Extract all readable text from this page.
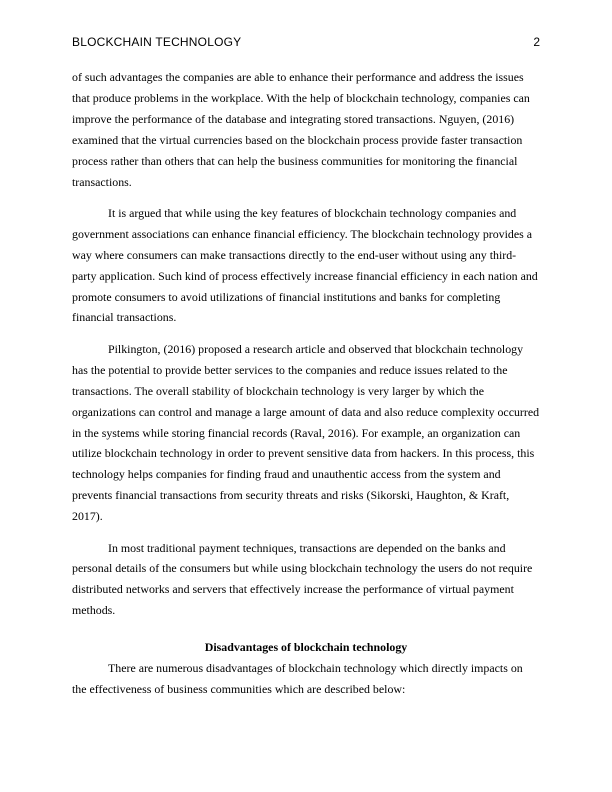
BLOCKCHAIN TECHNOLOGY	2

of such advantages the companies are able to enhance their performance and address the issues that produce problems in the workplace. With the help of blockchain technology, companies can improve the performance of the database and integrating stored transactions. Nguyen, (2016) examined that the virtual currencies based on the blockchain process provide faster transaction process rather than others that can help the business communities for monitoring the financial transactions.

It is argued that while using the key features of blockchain technology companies and government associations can enhance financial efficiency. The blockchain technology provides a way where consumers can make transactions directly to the end-user without using any third-party application. Such kind of process effectively increase financial efficiency in each nation and promote consumers to avoid utilizations of financial institutions and banks for completing financial transactions.

Pilkington, (2016) proposed a research article and observed that blockchain technology has the potential to provide better services to the companies and reduce issues related to the transactions. The overall stability of blockchain technology is very larger by which the organizations can control and manage a large amount of data and also reduce complexity occurred in the systems while storing financial records (Raval, 2016). For example, an organization can utilize blockchain technology in order to prevent sensitive data from hackers. In this process, this technology helps companies for finding fraud and unauthentic access from the system and prevents financial transactions from security threats and risks (Sikorski, Haughton, & Kraft, 2017).

In most traditional payment techniques, transactions are depended on the banks and personal details of the consumers but while using blockchain technology the users do not require distributed networks and servers that effectively increase the performance of virtual payment methods.

Disadvantages of blockchain technology

There are numerous disadvantages of blockchain technology which directly impacts on the effectiveness of business communities which are described below:
